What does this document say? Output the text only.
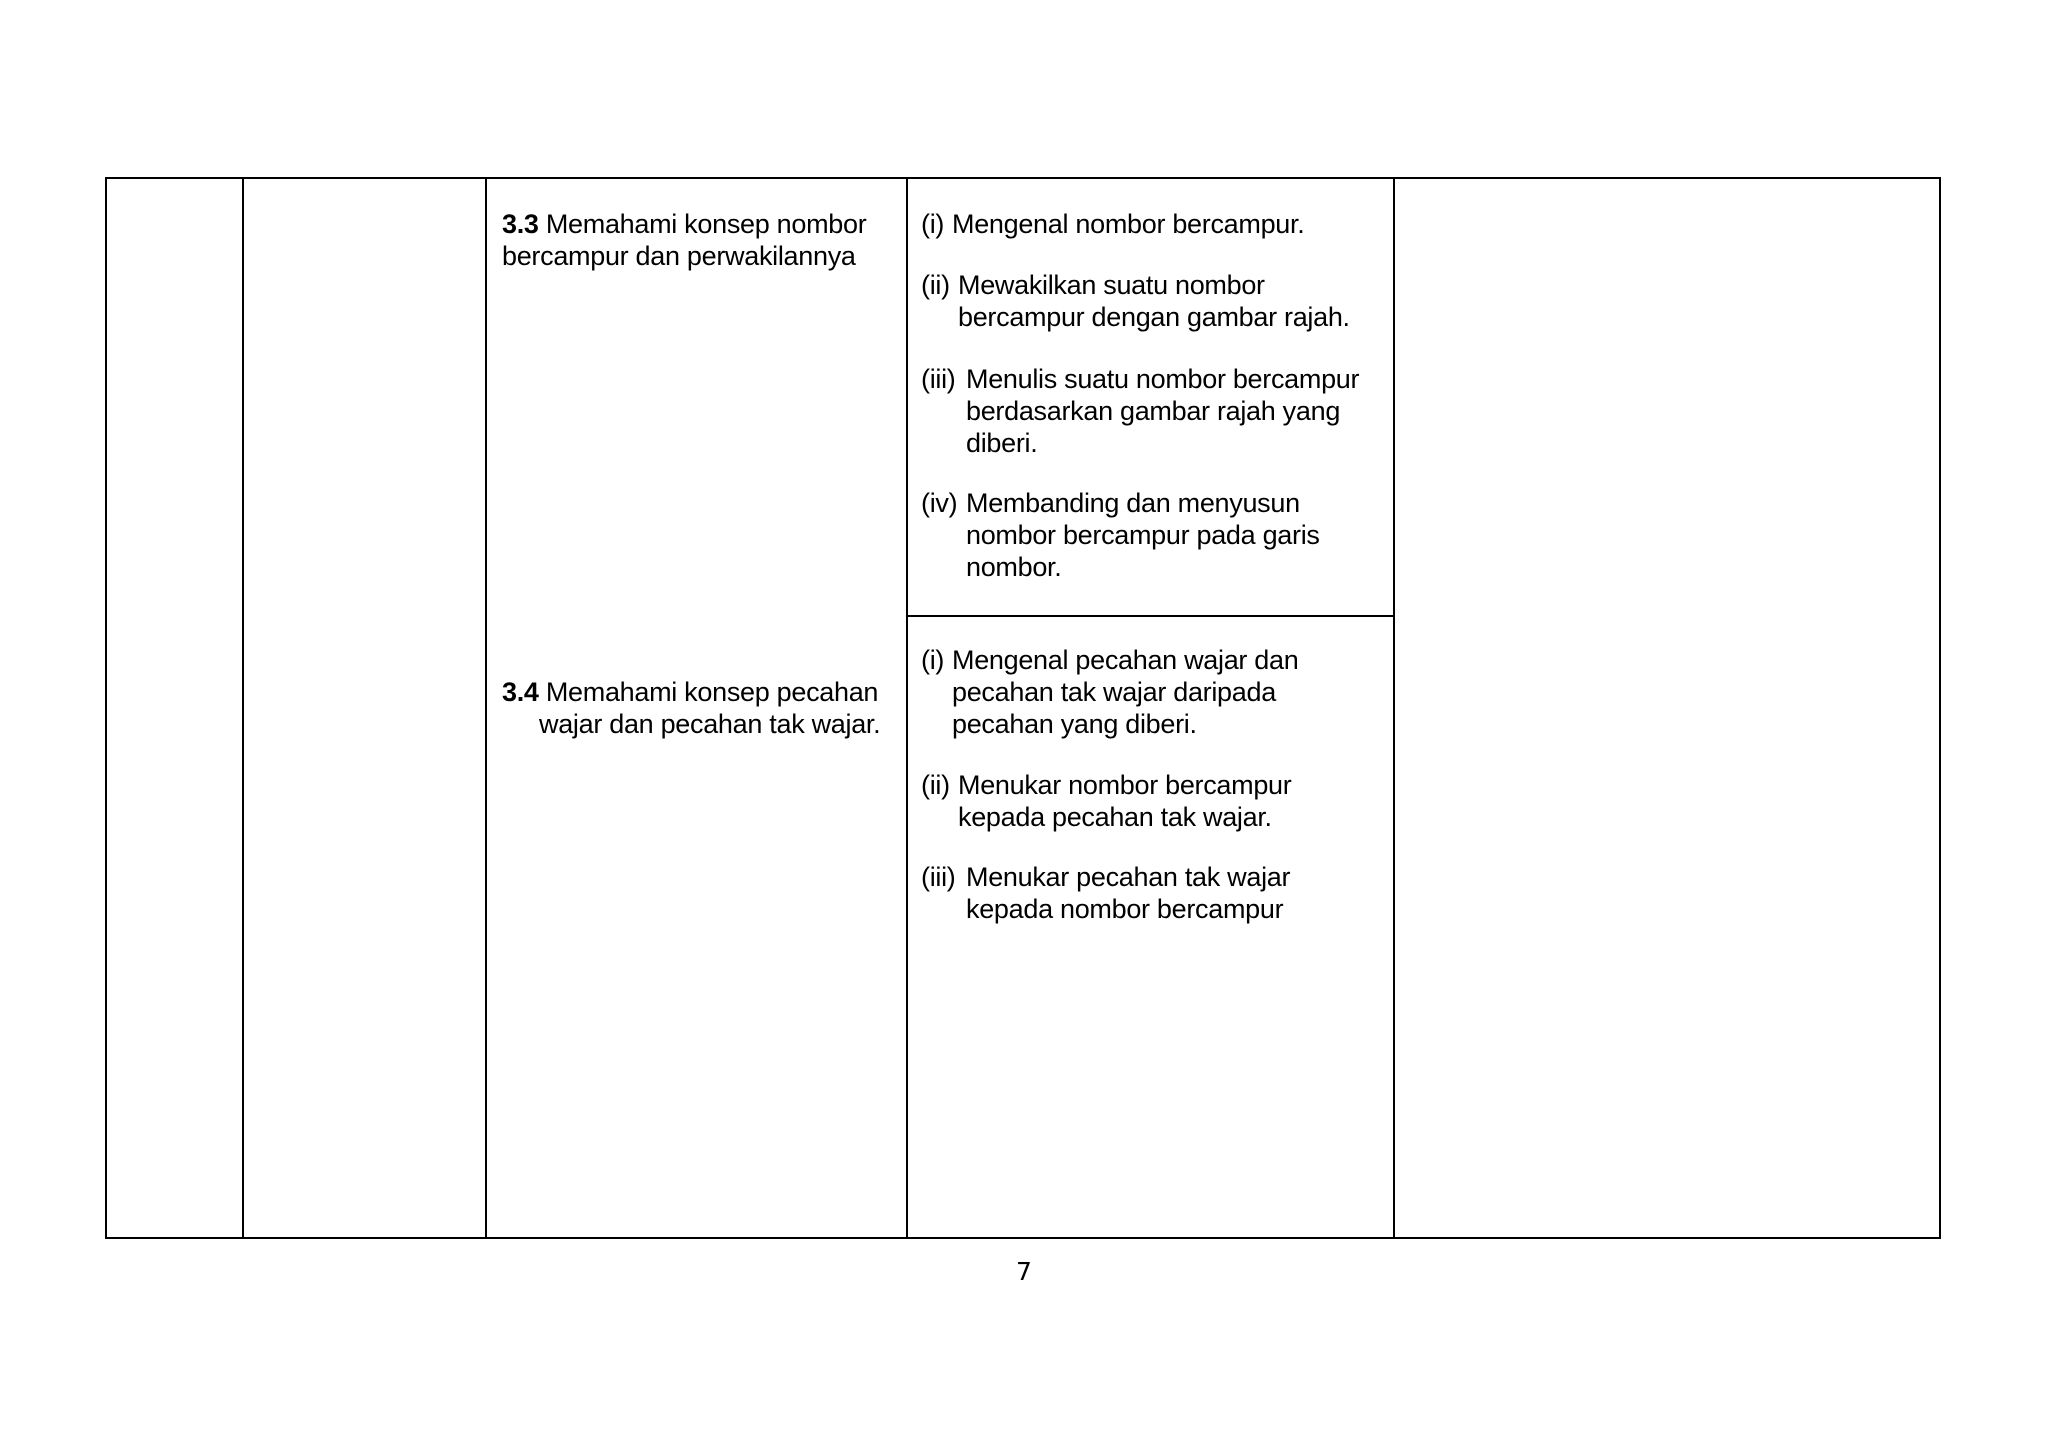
3.3 Memahami konsep nombor
bercampur dan perwakilannya
3.4 Memahami konsep pecahan
wajar dan pecahan tak wajar.
(i) Mengenal nombor bercampur.
(ii) Mewakilkan suatu nombor
bercampur dengan gambar rajah.
(iii) Menulis suatu nombor bercampur
berdasarkan gambar rajah yang
diberi.
(iv) Membanding dan menyusun
nombor bercampur pada garis
nombor.
(i) Mengenal pecahan wajar dan
pecahan tak wajar daripada
pecahan yang diberi.
(ii) Menukar nombor bercampur
kepada pecahan tak wajar.
(iii) Menukar pecahan tak wajar
kepada nombor bercampur
7
